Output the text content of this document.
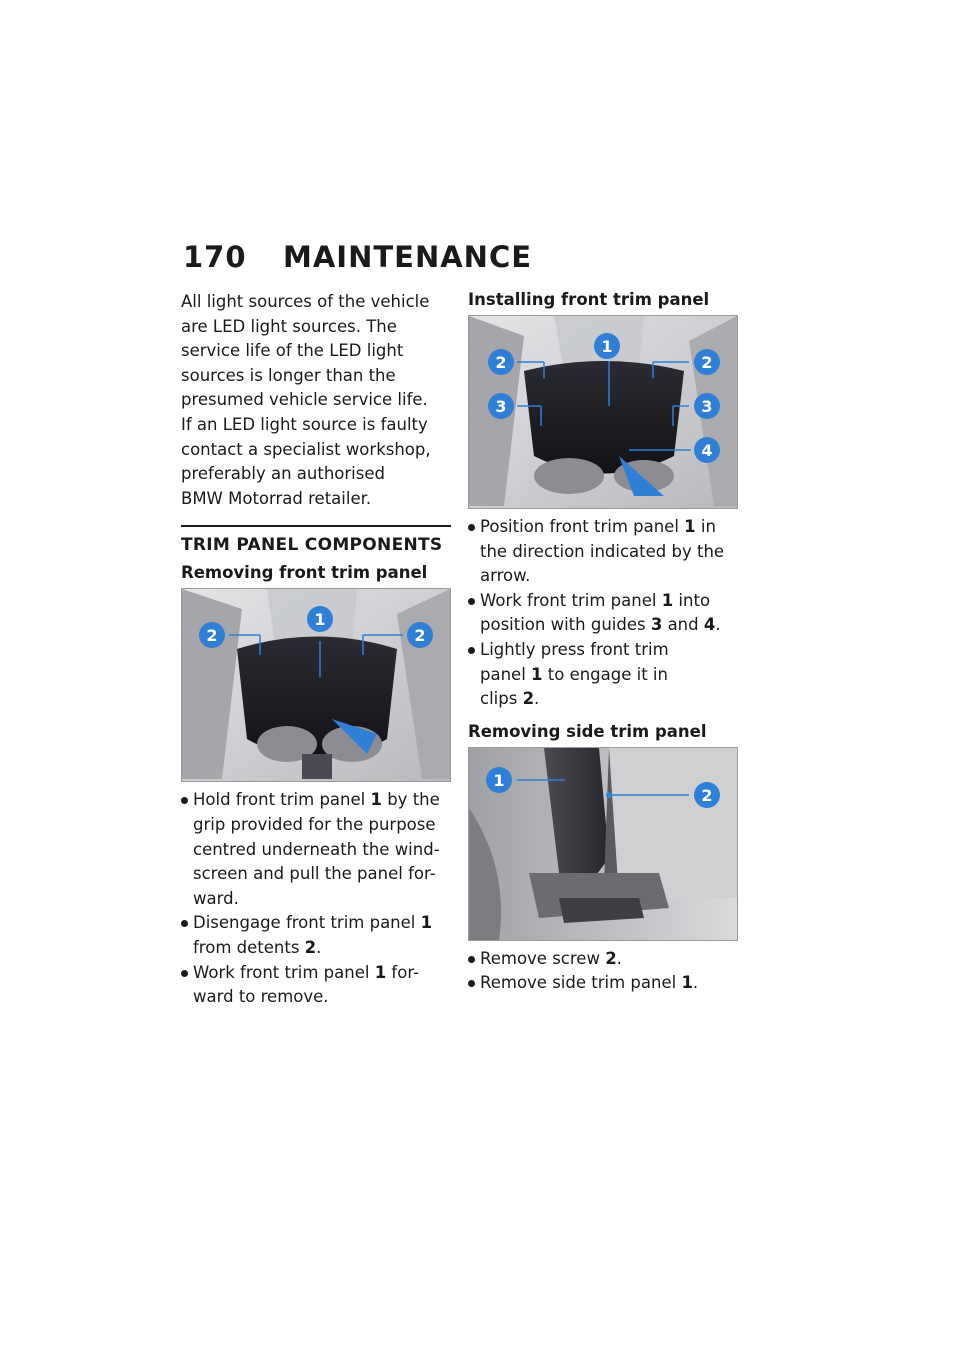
170 MAINTENANCE

All light sources of the vehicle
are LED light sources. The
service life of the LED light
sources is longer than the
presumed vehicle service life.
If an LED light source is faulty
contact a specialist workshop,
preferably an authorised
BMW Motorrad retailer.

TRIM PANEL COMPONENTS
Removing front trim panel
1
2	2
Hold front trim panel 1 by the
grip provided for the purpose
centred underneath the wind-
screen and pull the panel for-
ward.
Disengage front trim panel 1
from detents 2.
Work front trim panel 1 for-
ward to remove.
Installing front trim panel
2
1
2
3	3
4
Position front trim panel 1 in
the direction indicated by the
arrow.
Work front trim panel 1 into
position with guides 3 and 4.
Lightly press front trim
panel 1 to engage it in
clips 2.
Removing side trim panel
1
2
Remove screw 2.
Remove side trim panel 1.
